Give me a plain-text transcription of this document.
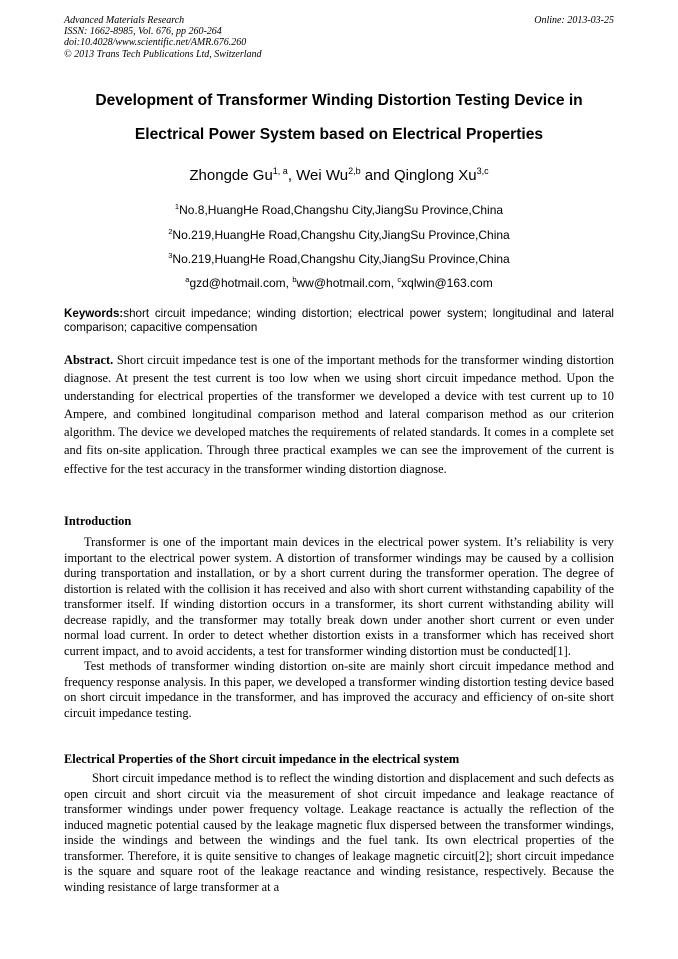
Advanced Materials Research
ISSN: 1662-8985, Vol. 676, pp 260-264
doi:10.4028/www.scientific.net/AMR.676.260
© 2013 Trans Tech Publications Ltd, Switzerland
Online: 2013-03-25
Development of Transformer Winding Distortion Testing Device in
Electrical Power System based on Electrical Properties
Zhongde Gu$^{1, a}$, Wei Wu$^{2,b}$ and Qinglong Xu$^{3,c}$
$^1$No.8,HuangHe Road,Changshu City,JiangSu Province,China
$^2$No.219,HuangHe Road,Changshu City,JiangSu Province,China
$^3$No.219,HuangHe Road,Changshu City,JiangSu Province,China
$^a$gzd@hotmail.com, $^b$ww@hotmail.com, $^c$xqlwin@163.com
Keywords:short circuit impedance; winding distortion; electrical power system; longitudinal and lateral comparison; capacitive compensation
Abstract. Short circuit impedance test is one of the important methods for the transformer winding distortion diagnose. At present the test current is too low when we using short circuit impedance method. Upon the understanding for electrical properties of the transformer we developed a device with test current up to 10 Ampere, and combined longitudinal comparison method and lateral comparison method as our criterion algorithm. The device we developed matches the requirements of related standards. It comes in a complete set and fits on-site application. Through three practical examples we can see the improvement of the current is effective for the test accuracy in the transformer winding distortion diagnose.
Introduction

Transformer is one of the important main devices in the electrical power system. It’s reliability is very important to the electrical power system. A distortion of transformer windings may be caused by a collision during transportation and installation, or by a short current during the transformer operation. The degree of distortion is related with the collision it has received and also with short current withstanding capability of the transformer itself. If winding distortion occurs in a transformer, its short current withstanding ability will decrease rapidly, and the transformer may totally break down under another short current or even under normal load current. In order to detect whether distortion exists in a transformer which has received short current impact, and to avoid accidents, a test for transformer winding distortion must be conducted[1].

Test methods of transformer winding distortion on-site are mainly short circuit impedance method and frequency response analysis. In this paper, we developed a transformer winding distortion testing device based on short circuit impedance in the transformer, and has improved the accuracy and efficiency of on-site short circuit impedance testing.

Electrical Properties of the Short circuit impedance in the electrical system

Short circuit impedance method is to reflect the winding distortion and displacement and such defects as open circuit and short circuit via the measurement of shot circuit impedance and leakage reactance of transformer windings under power frequency voltage. Leakage reactance is actually the reflection of the induced magnetic potential caused by the leakage magnetic flux dispersed between the transformer windings, inside the windings and between the windings and the fuel tank. Its own electrical properties of the transformer. Therefore, it is quite sensitive to changes of leakage magnetic circuit[2]; short circuit impedance is the square and square root of the leakage reactance and winding resistance, respectively. Because the winding resistance of large transformer at a
